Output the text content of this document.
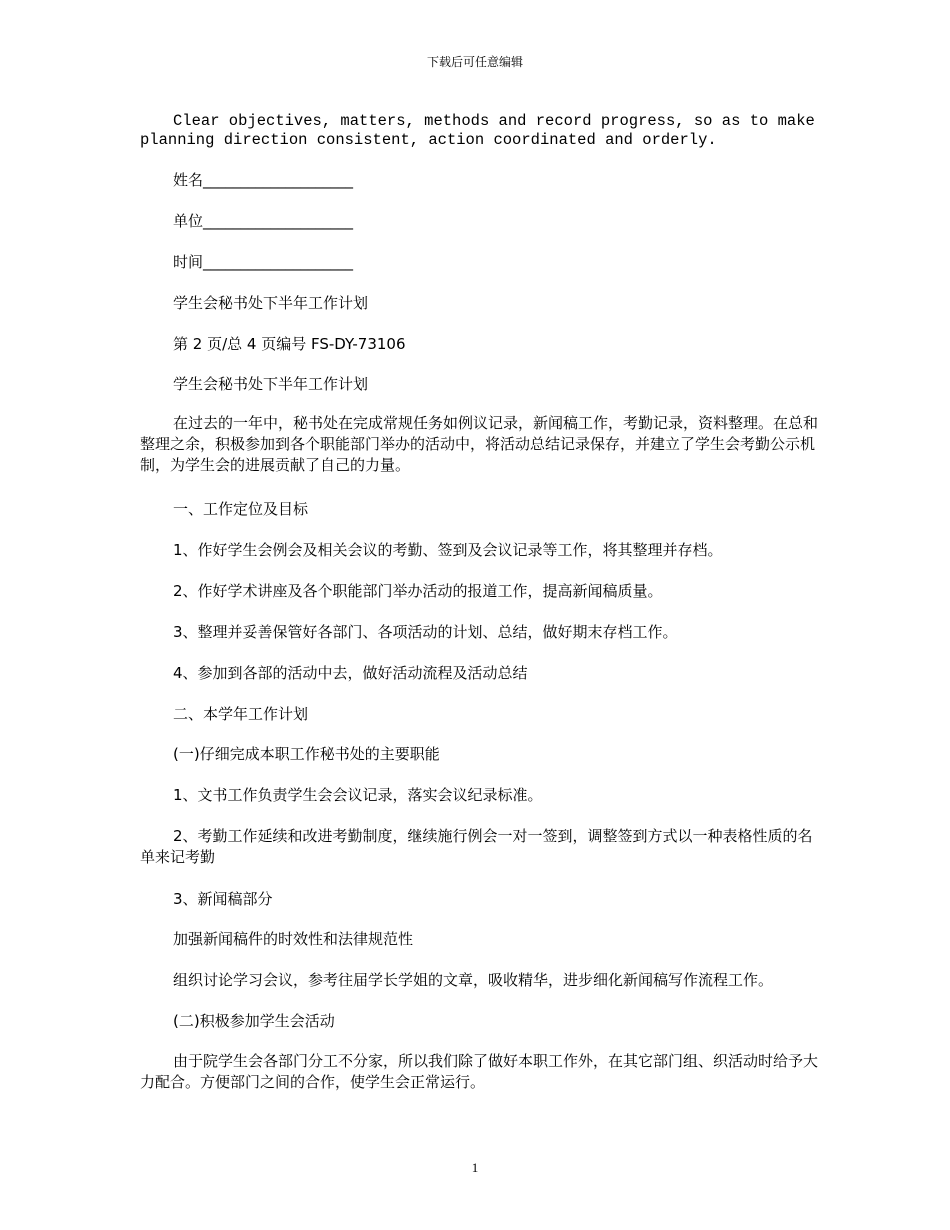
下载后可任意编辑
Clear objectives, matters, methods and record progress, so as to make planning direction consistent, action coordinated and orderly.
姓名____________________
单位____________________
时间____________________
学生会秘书处下半年工作计划
第 2 页/总 4 页编号 FS-DY-73106
学生会秘书处下半年工作计划
在过去的一年中，秘书处在完成常规任务如例议记录，新闻稿工作，考勤记录，资料整理。在总和整理之余，积极参加到各个职能部门举办的活动中，将活动总结记录保存，并建立了学生会考勤公示机制，为学生会的进展贡献了自己的力量。
一、工作定位及目标
1、作好学生会例会及相关会议的考勤、签到及会议记录等工作，将其整理并存档。
2、作好学术讲座及各个职能部门举办活动的报道工作，提高新闻稿质量。
3、整理并妥善保管好各部门、各项活动的计划、总结，做好期末存档工作。
4、参加到各部的活动中去，做好活动流程及活动总结
二、本学年工作计划
(一)仔细完成本职工作秘书处的主要职能
1、文书工作负责学生会会议记录，落实会议纪录标准。
2、考勤工作延续和改进考勤制度，继续施行例会一对一签到，调整签到方式以一种表格性质的名单来记考勤
3、新闻稿部分
加强新闻稿件的时效性和法律规范性
组织讨论学习会议，参考往届学长学姐的文章，吸收精华，进步细化新闻稿写作流程工作。
(二)积极参加学生会活动
由于院学生会各部门分工不分家，所以我们除了做好本职工作外，在其它部门组、织活动时给予大力配合。方便部门之间的合作，使学生会正常运行。
1
